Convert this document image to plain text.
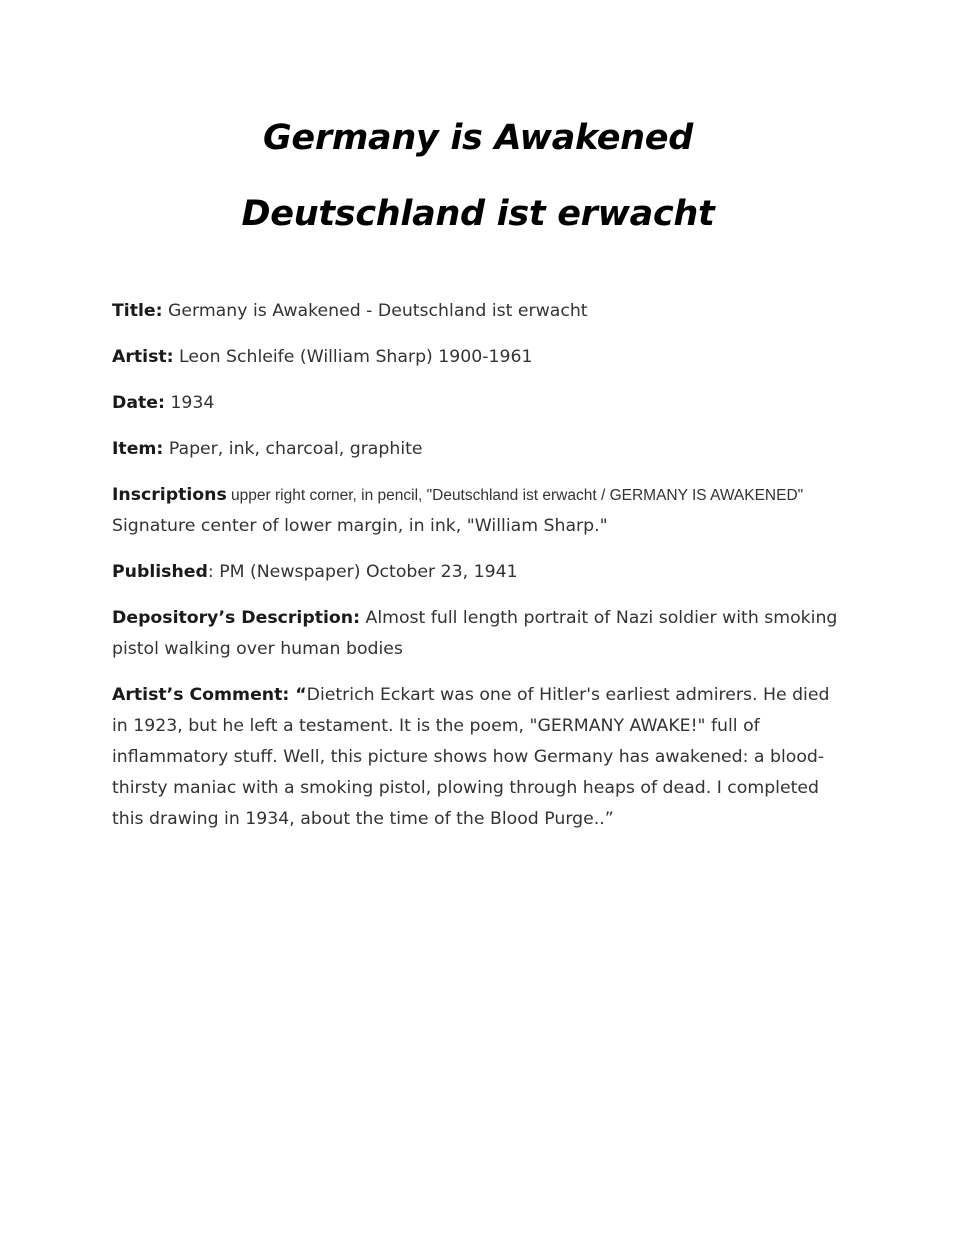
Germany is Awakened
Deutschland ist erwacht

Title: Germany is Awakened - Deutschland ist erwacht

Artist: Leon Schleife (William Sharp) 1900-1961

Date: 1934

Item: Paper, ink, charcoal, graphite

Inscriptions upper right corner, in pencil, "Deutschland ist erwacht / GERMANY IS AWAKENED" Signature center of lower margin, in ink, "William Sharp."

Published: PM (Newspaper) October 23, 1941

Depository’s Description: Almost full length portrait of Nazi soldier with smoking pistol walking over human bodies

Artist’s Comment: “Dietrich Eckart was one of Hitler's earliest admirers. He died in 1923, but he left a testament. It is the poem, "GERMANY AWAKE!" full of inflammatory stuff. Well, this picture shows how Germany has awakened: a blood-thirsty maniac with a smoking pistol, plowing through heaps of dead. I completed this drawing in 1934, about the time of the Blood Purge..”
